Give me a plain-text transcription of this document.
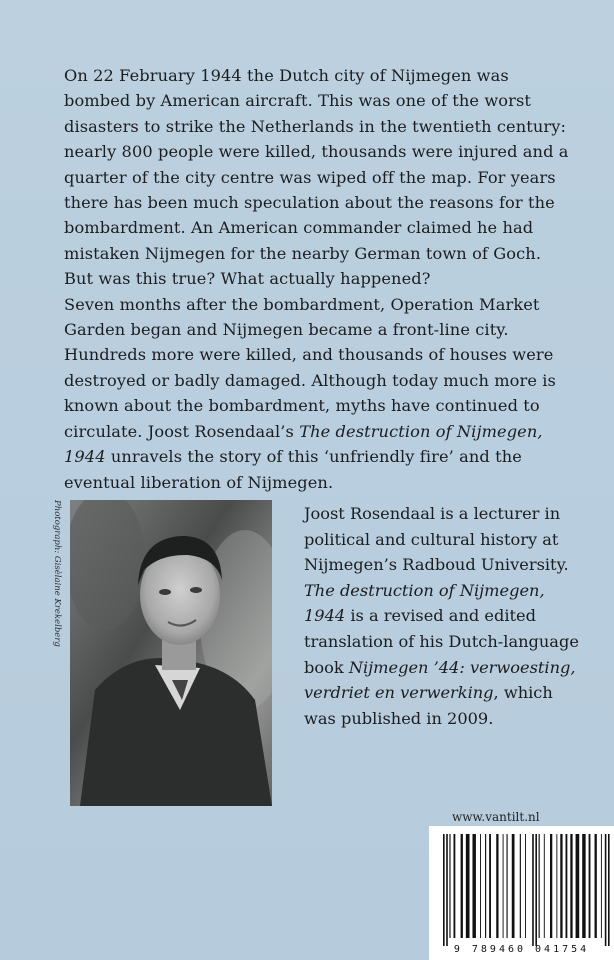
On 22 February 1944 the Dutch city of Nijmegen was bombed by American aircraft. This was one of the worst disasters to strike the Netherlands in the twentieth century: nearly 800 people were killed, thousands were injured and a quarter of the city centre was wiped off the map. For years there has been much speculation about the reasons for the bombardment. An American commander claimed he had mistaken Nijmegen for the nearby German town of Goch. But was this true? What actually happened?

Seven months after the bombardment, Operation Market Garden began and Nijmegen became a front-line city. Hundreds more were killed, and thousands of houses were destroyed or badly damaged. Although today much more is known about the bombardment, myths have continued to circulate. Joost Rosendaal’s The destruction of Nijmegen, 1944 unravels the story of this ‘unfriendly fire’ and the eventual liberation of Nijmegen.

Photograph: Gisèlaine Krekelberg	Joost Rosendaal is a lecturer in political and cultural history at Nijmegen’s Radboud University. The destruction of Nijmegen, 1944 is a revised and edited translation of his Dutch-language book Nijmegen ’44: verwoesting, verdriet en verwerking, which was published in 2009.
www.vantilt.nl
9 789460 041754
